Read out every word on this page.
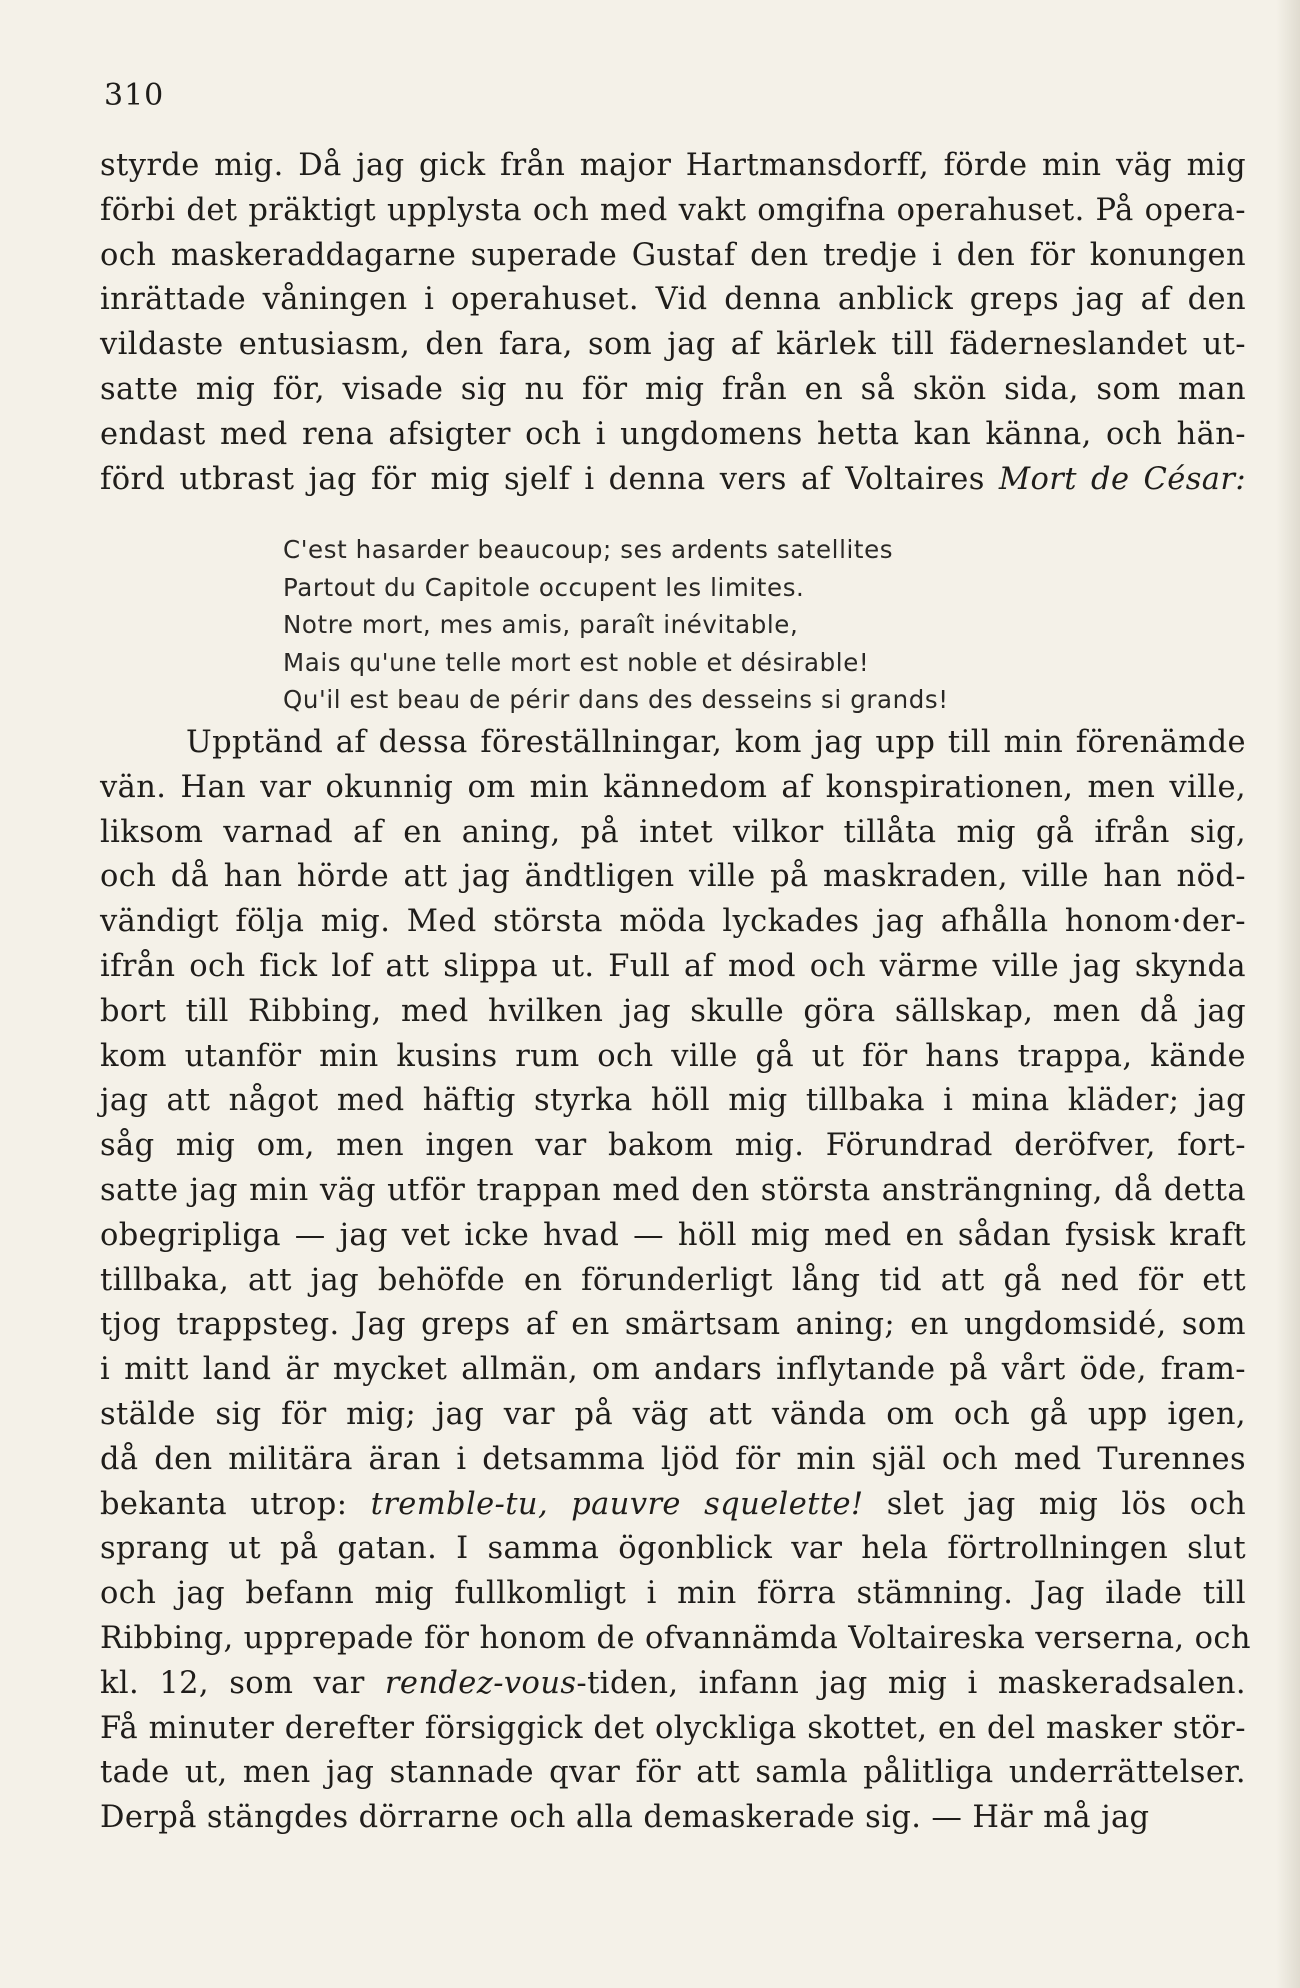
310
styrde mig. Då jag gick från major Hartmansdorff, förde min väg mig
förbi det präktigt upplysta och med vakt omgifna operahuset. På opera-
och maskeraddagarne superade Gustaf den tredje i den för konungen
inrättade våningen i operahuset. Vid denna anblick greps jag af den
vildaste entusiasm, den fara, som jag af kärlek till fäderneslandet ut-
satte mig för, visade sig nu för mig från en så skön sida, som man
endast med rena afsigter och i ungdomens hetta kan känna, och hän-
förd utbrast jag för mig sjelf i denna vers af Voltaires Mort de César:
C'est hasarder beaucoup; ses ardents satellites
Partout du Capitole occupent les limites.
Notre mort, mes amis, paraît inévitable,
Mais qu'une telle mort est noble et désirable!
Qu'il est beau de périr dans des desseins si grands!
Upptänd af dessa föreställningar, kom jag upp till min förenämde
vän. Han var okunnig om min kännedom af konspirationen, men ville,
liksom varnad af en aning, på intet vilkor tillåta mig gå ifrån sig,
och då han hörde att jag ändtligen ville på maskraden, ville han nöd-
vändigt följa mig. Med största möda lyckades jag afhålla honom·der-
ifrån och fick lof att slippa ut. Full af mod och värme ville jag skynda
bort till Ribbing, med hvilken jag skulle göra sällskap, men då jag
kom utanför min kusins rum och ville gå ut för hans trappa, kände
jag att något med häftig styrka höll mig tillbaka i mina kläder; jag
såg mig om, men ingen var bakom mig. Förundrad deröfver, fort-
satte jag min väg utför trappan med den största ansträngning, då detta
obegripliga — jag vet icke hvad — höll mig med en sådan fysisk kraft
tillbaka, att jag behöfde en förunderligt lång tid att gå ned för ett
tjog trappsteg. Jag greps af en smärtsam aning; en ungdomsidé, som
i mitt land är mycket allmän, om andars inflytande på vårt öde, fram-
stälde sig för mig; jag var på väg att vända om och gå upp igen,
då den militära äran i detsamma ljöd för min själ och med Turennes
bekanta utrop: tremble-tu, pauvre squelette! slet jag mig lös och
sprang ut på gatan. I samma ögonblick var hela förtrollningen slut
och jag befann mig fullkomligt i min förra stämning. Jag ilade till
Ribbing, upprepade för honom de ofvannämda Voltaireska verserna, och
kl. 12, som var rendez-vous-tiden, infann jag mig i maskeradsalen.
Få minuter derefter försiggick det olyckliga skottet, en del masker stör-
tade ut, men jag stannade qvar för att samla pålitliga underrättelser.
Derpå stängdes dörrarne och alla demaskerade sig. — Här må jag
